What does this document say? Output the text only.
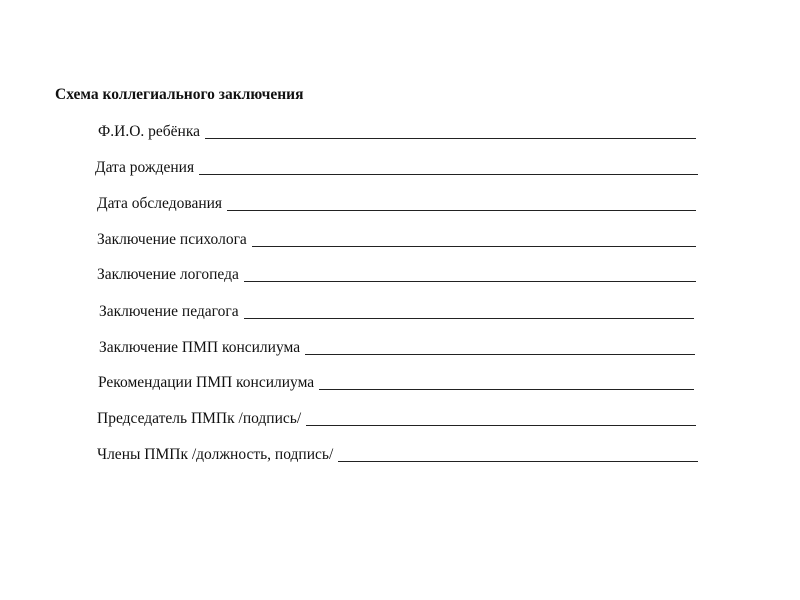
Схема коллегиального заключения
Ф.И.О. ребёнка
Дата рождения
Дата обследования
Заключение психолога
Заключение логопеда
Заключение педагога
Заключение ПМП консилиума
Рекомендации ПМП консилиума
Председатель ПМПк /подпись/
Члены ПМПк /должность, подпись/
